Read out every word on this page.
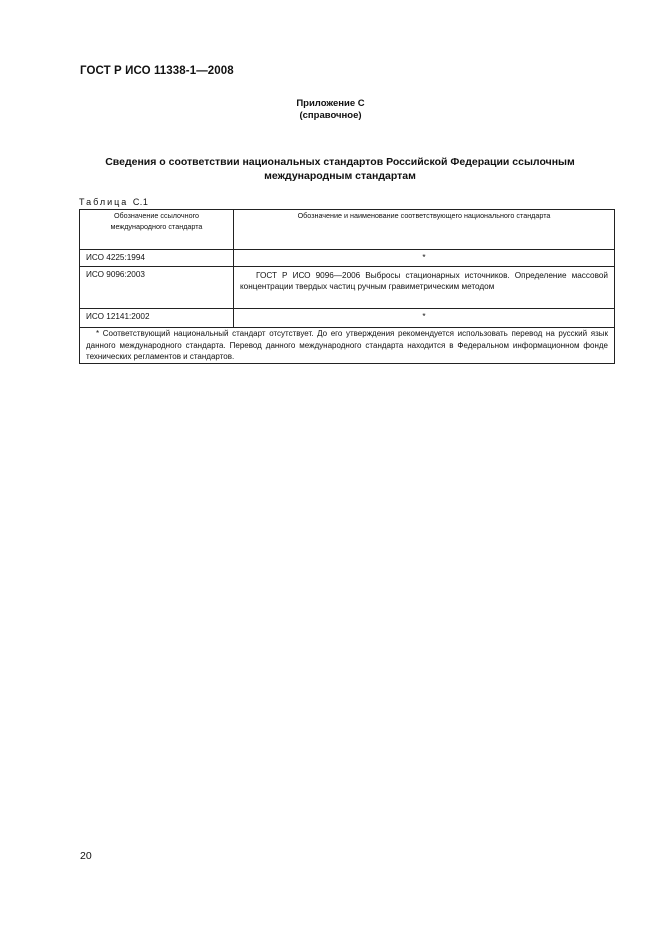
ГОСТ Р ИСО 11338-1—2008
Приложение С
(справочное)
Сведения о соответствии национальных стандартов Российской Федерации ссылочным
международным стандартам
Таблица С.1
Обозначение ссылочного
международного стандарта	Обозначение и наименование соответствующего национального стандарта
ИСО 4225:1994	*
ИСО 9096:2003	ГОСТ Р ИСО 9096—2006 Выбросы стационарных источников. Определение массовой концентрации твердых частиц ручным гравиметрическим методом
ИСО 12141:2002	*
* Соответствующий национальный стандарт отсутствует. До его утверждения рекомендуется использовать перевод на русский язык данного международного стандарта. Перевод данного международного стандарта находится в Федеральном информационном фонде технических регламентов и стандартов.	
20
